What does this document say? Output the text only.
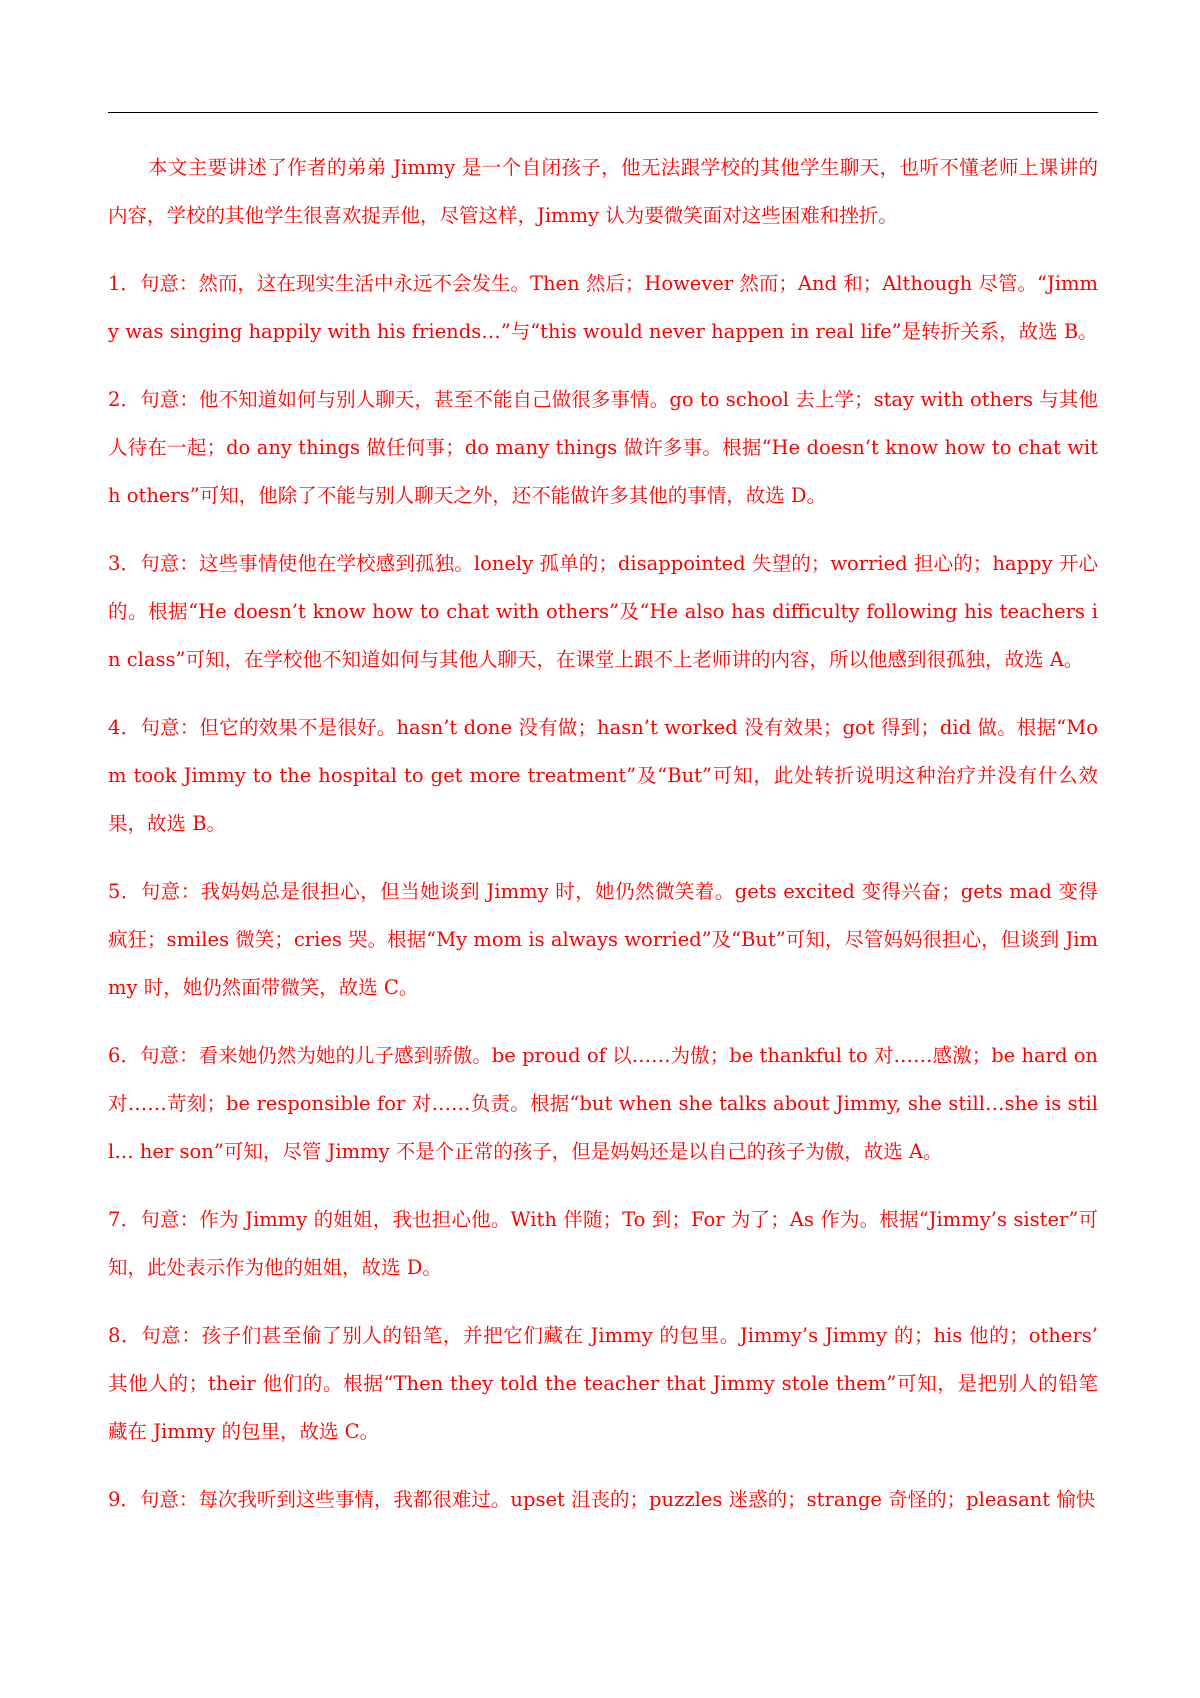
本文主要讲述了作者的弟弟 Jimmy 是一个自闭孩子，他无法跟学校的其他学生聊天，也听不懂老师上课讲的内容，学校的其他学生很喜欢捉弄他，尽管这样，Jimmy 认为要微笑面对这些困难和挫折。

1．句意：然而，这在现实生活中永远不会发生。Then 然后；However 然而；And 和；Although 尽管。“Jimmy was singing happily with his friends…”与“this would never happen in real life”是转折关系，故选 B。

2．句意：他不知道如何与别人聊天，甚至不能自己做很多事情。go to school 去上学；stay with others 与其他人待在一起；do any things 做任何事；do many things 做许多事。根据“He doesn’t know how to chat with others”可知，他除了不能与别人聊天之外，还不能做许多其他的事情，故选 D。

3．句意：这些事情使他在学校感到孤独。lonely 孤单的；disappointed 失望的；worried 担心的；happy 开心的。根据“He doesn’t know how to chat with others”及“He also has difficulty following his teachers in class”可知，在学校他不知道如何与其他人聊天，在课堂上跟不上老师讲的内容，所以他感到很孤独，故选 A。

4．句意：但它的效果不是很好。hasn’t done 没有做；hasn’t worked 没有效果；got 得到；did 做。根据“Mom took Jimmy to the hospital to get more treatment”及“But”可知，此处转折说明这种治疗并没有什么效果，故选 B。

5．句意：我妈妈总是很担心，但当她谈到 Jimmy 时，她仍然微笑着。gets excited 变得兴奋；gets mad 变得疯狂；smiles 微笑；cries 哭。根据“My mom is always worried”及“But”可知，尽管妈妈很担心，但谈到 Jimmy 时，她仍然面带微笑，故选 C。

6．句意：看来她仍然为她的儿子感到骄傲。be proud of 以……为傲；be thankful to 对……感激；be hard on 对……苛刻；be responsible for 对……负责。根据“but when she talks about Jimmy, she still…she is still… her son”可知，尽管 Jimmy 不是个正常的孩子，但是妈妈还是以自己的孩子为傲，故选 A。

7．句意：作为 Jimmy 的姐姐，我也担心他。With 伴随；To 到；For 为了；As 作为。根据“Jimmy’s sister”可知，此处表示作为他的姐姐，故选 D。

8．句意：孩子们甚至偷了别人的铅笔，并把它们藏在 Jimmy 的包里。Jimmy’s Jimmy 的；his 他的；others’ 其他人的；their 他们的。根据“Then they told the teacher that Jimmy stole them”可知，是把别人的铅笔藏在 Jimmy 的包里，故选 C。

9．句意：每次我听到这些事情，我都很难过。upset 沮丧的；puzzles 迷惑的；strange 奇怪的；pleasant 愉快
